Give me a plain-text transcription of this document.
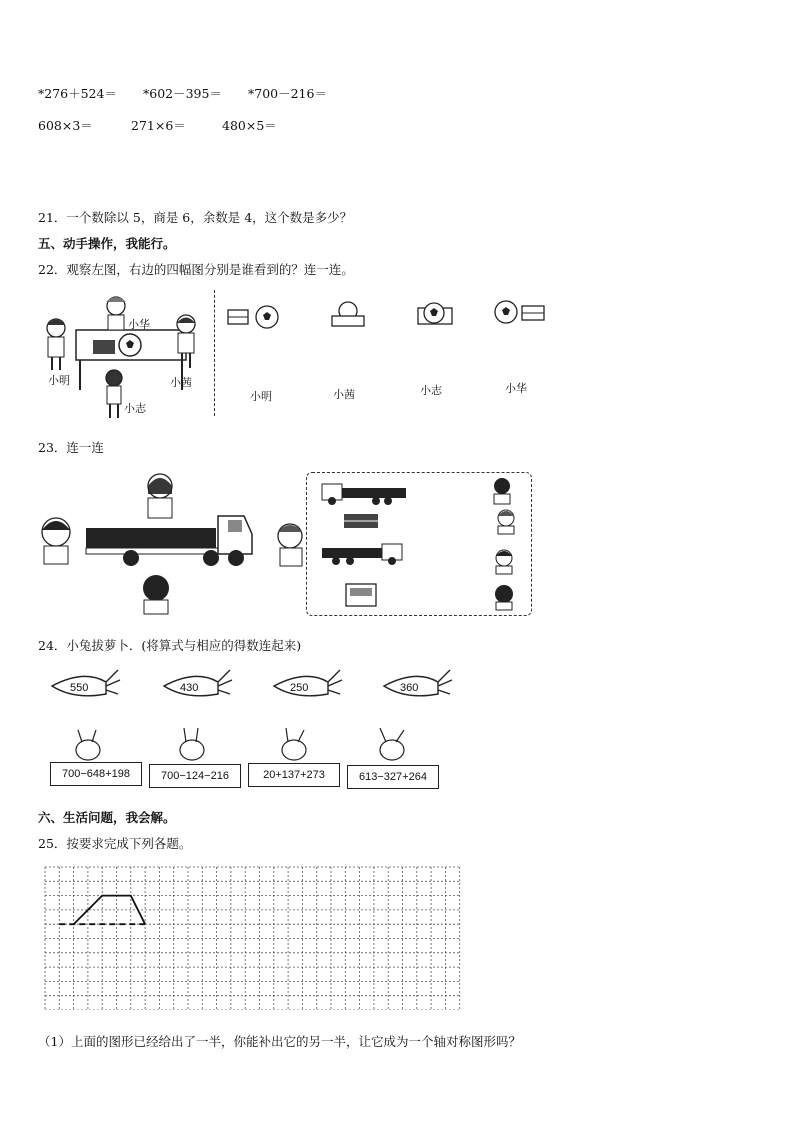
*276＋524＝ *602－395＝ *700－216＝
608×3＝	271×6＝	480×5＝
21．一个数除以 5，商是 6，余数是 4，这个数是多少？
五、动手操作，我能行。
22．观察左图，右边的四幅图分别是谁看到的？连一连。
小华
小明	小茜
小志
小明	小茜	小志	小华
23．连一连
24．小兔拔萝卜．(将算式与相应的得数连起来)
550	430	250	360
700−648+198	700−124−216	20+137+273	613−327+264
六、生活问题，我会解。
25．按要求完成下列各题。
（1）上面的图形已经给出了一半，你能补出它的另一半，让它成为一个轴对称图形吗？
